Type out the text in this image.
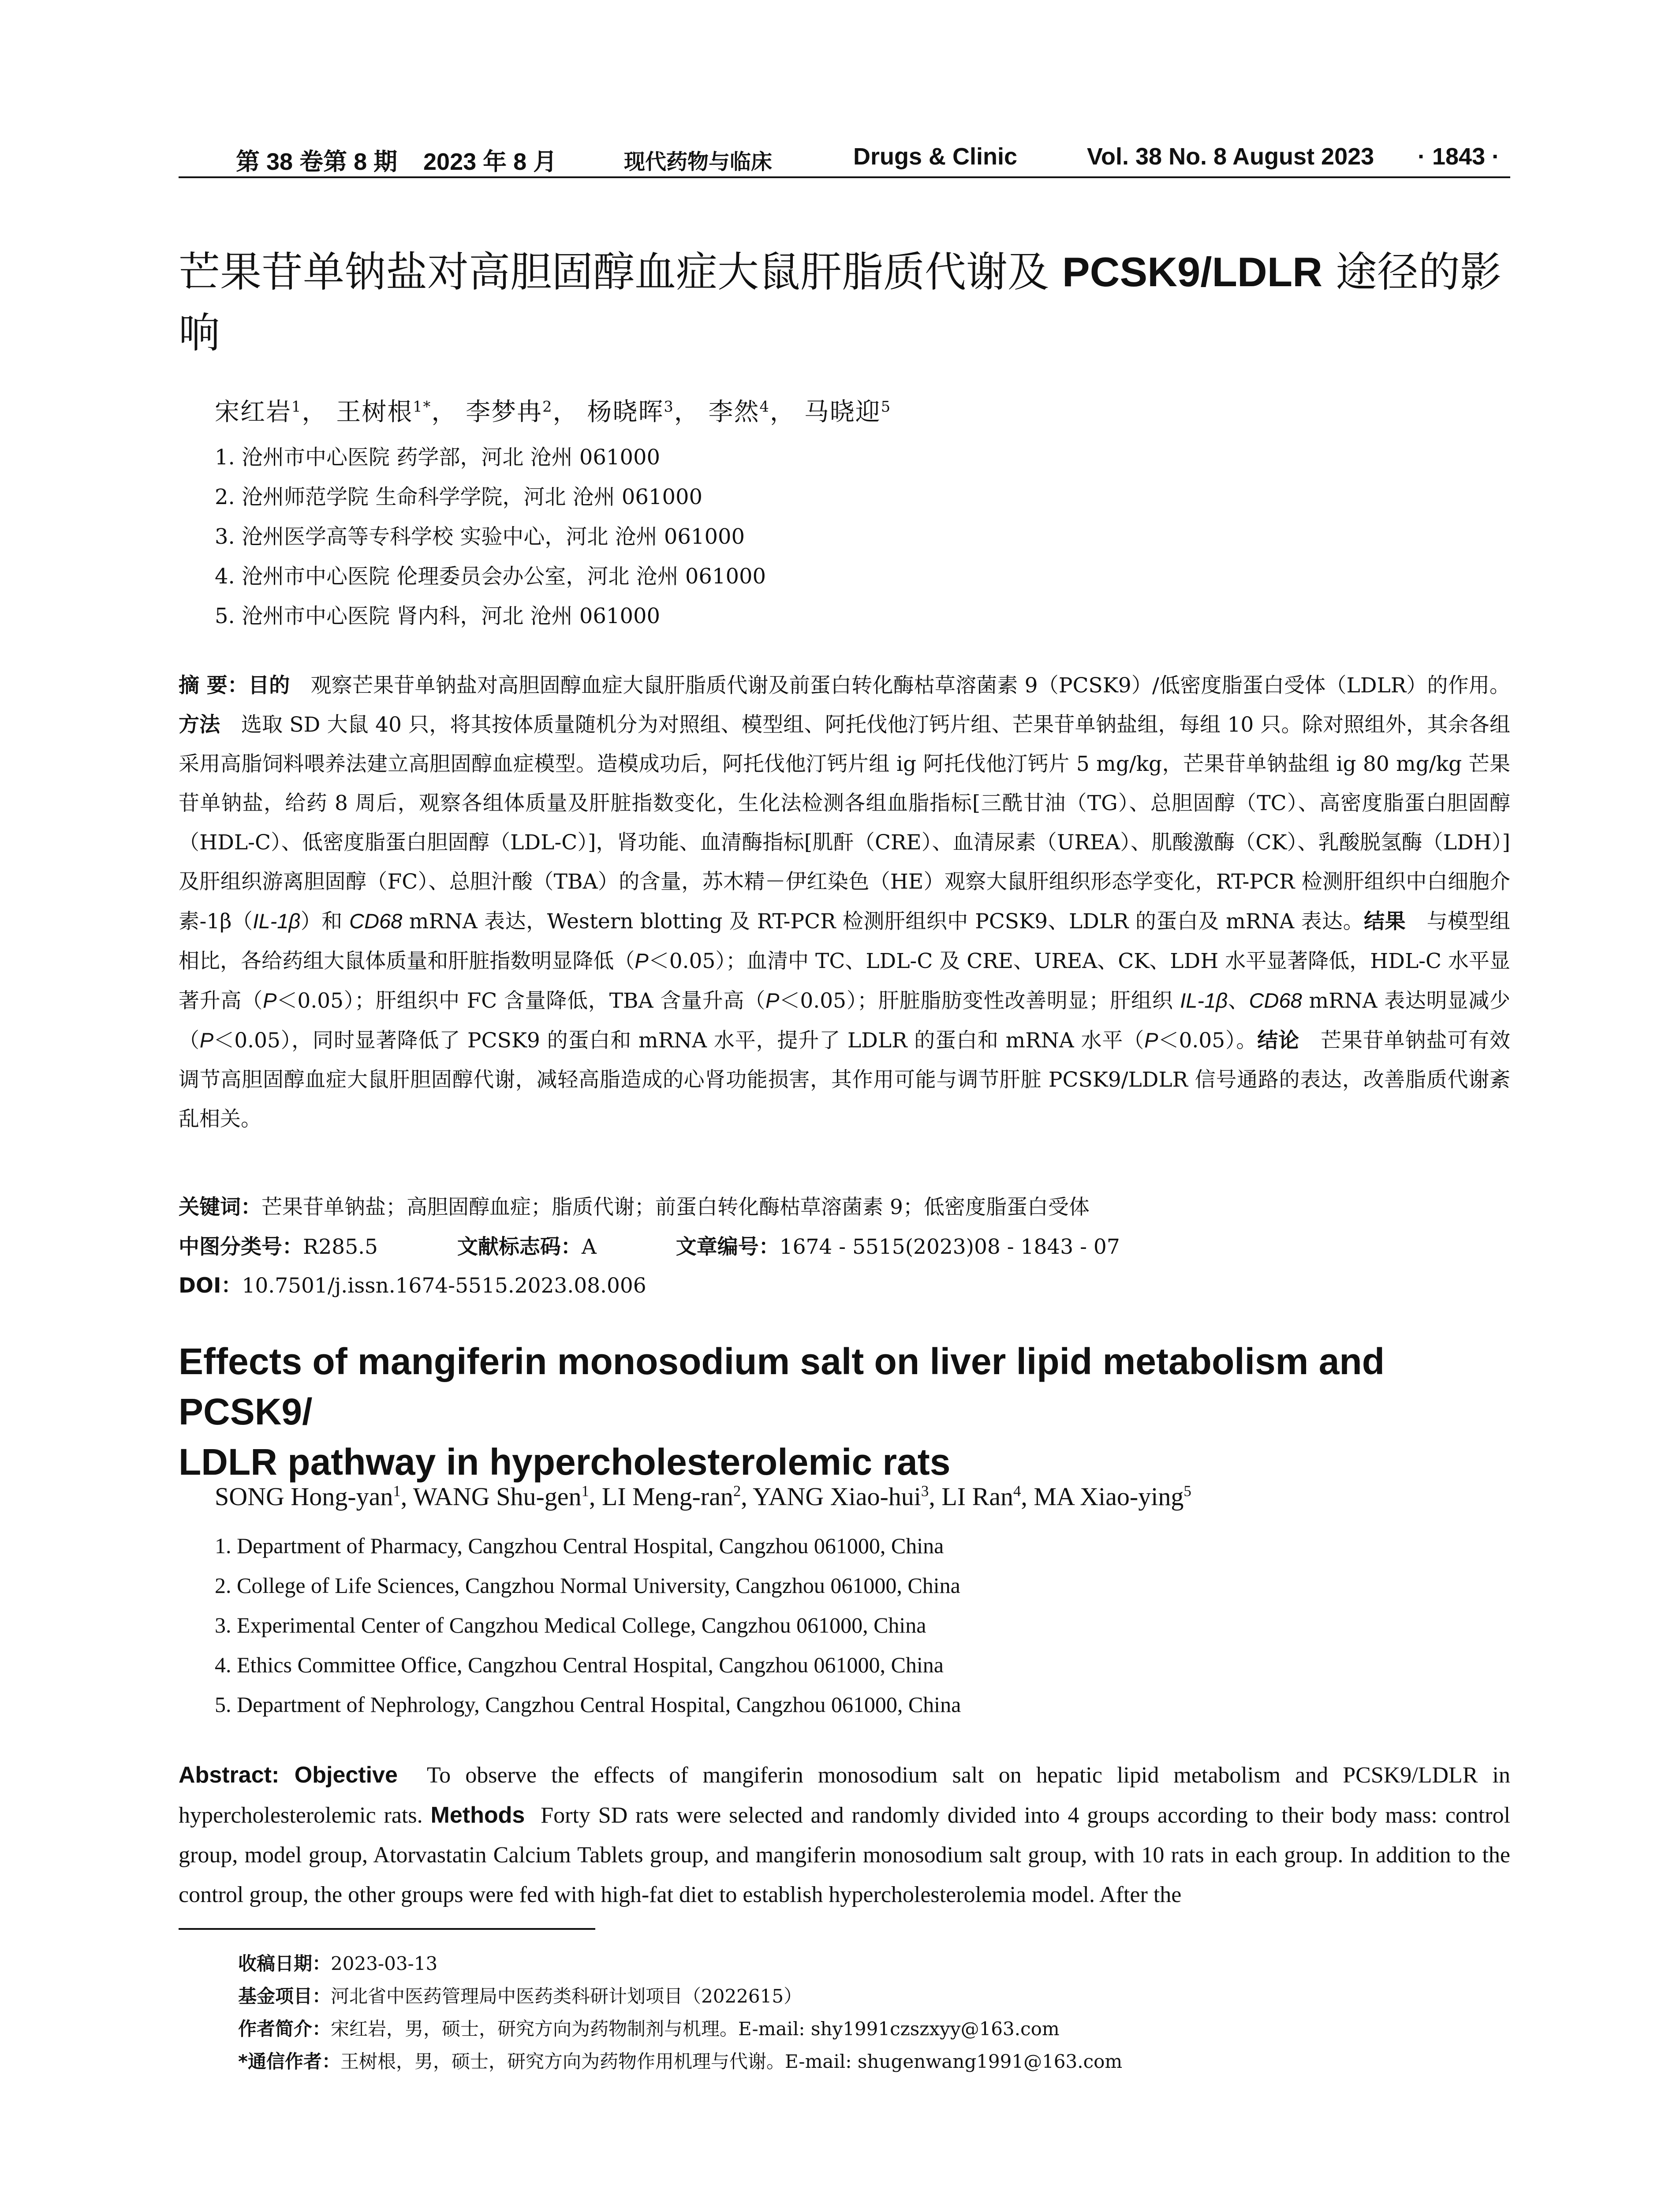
第 38 卷第 8 期 2023 年 8 月	现代药物与临床	Drugs & Clinic	Vol. 38 No. 8 August 2023 · 1843 ·
芒果苷单钠盐对高胆固醇血症大鼠肝脂质代谢及 PCSK9/LDLR 途径的影响
宋红岩$^1$， 王树根$^{1*}$， 李梦冉$^2$， 杨晓晖$^3$， 李然$^4$， 马晓迎$^5$
1. 沧州市中心医院 药学部，河北 沧州 061000
2. 沧州师范学院 生命科学学院，河北 沧州 061000
3. 沧州医学高等专科学校 实验中心，河北 沧州 061000
4. 沧州市中心医院 伦理委员会办公室，河北 沧州 061000
5. 沧州市中心医院 肾内科，河北 沧州 061000
摘 要：目的　 观察芒果苷单钠盐对高胆固醇血症大鼠肝脂质代谢及前蛋白转化酶枯草溶菌素 9（PCSK9）/低密度脂蛋白受体（LDLR）的作用。方法　 选取 SD 大鼠 40 只，将其按体质量随机分为对照组、模型组、阿托伐他汀钙片组、芒果苷单钠盐组，每组 10 只。除对照组外，其余各组采用高脂饲料喂养法建立高胆固醇血症模型。造模成功后，阿托伐他汀钙片组 ig 阿托伐他汀钙片 5 mg/kg，芒果苷单钠盐组 ig 80 mg/kg 芒果苷单钠盐，给药 8 周后，观察各组体质量及肝脏指数变化，生化法检测各组血脂指标[三酰甘油（TG）、总胆固醇（TC）、高密度脂蛋白胆固醇（HDL-C）、低密度脂蛋白胆固醇（LDL-C）]，肾功能、血清酶指标[肌酐（CRE）、血清尿素（UREA）、肌酸激酶（CK）、乳酸脱氢酶（LDH）]及肝组织游离胆固醇（FC）、总胆汁酸（TBA）的含量，苏木精－伊红染色（HE）观察大鼠肝组织形态学变化，RT-PCR 检测肝组织中白细胞介素-1β（IL-1β）和 CD68 mRNA 表达，Western blotting 及 RT-PCR 检测肝组织中 PCSK9、LDLR 的蛋白及 mRNA 表达。结果　 与模型组相比，各给药组大鼠体质量和肝脏指数明显降低（P＜0.05）；血清中 TC、LDL-C 及 CRE、UREA、CK、LDH 水平显著降低，HDL-C 水平显著升高（P＜0.05）；肝组织中 FC 含量降低，TBA 含量升高（P＜0.05）；肝脏脂肪变性改善明显；肝组织 IL-1β、CD68 mRNA 表达明显减少（P＜0.05），同时显著降低了 PCSK9 的蛋白和 mRNA 水平，提升了 LDLR 的蛋白和 mRNA 水平（P＜0.05）。结论　 芒果苷单钠盐可有效调节高胆固醇血症大鼠肝胆固醇代谢，减轻高脂造成的心肾功能损害，其作用可能与调节肝脏 PCSK9/LDLR 信号通路的表达，改善脂质代谢紊乱相关。
关键词：芒果苷单钠盐；高胆固醇血症；脂质代谢；前蛋白转化酶枯草溶菌素 9；低密度脂蛋白受体
中图分类号：R285.5	文献标志码：A	文章编号：1674 - 5515(2023)08 - 1843 - 07
DOI：10.7501/j.issn.1674-5515.2023.08.006
Effects of mangiferin monosodium salt on liver lipid metabolism and PCSK9/
LDLR pathway in hypercholesterolemic rats
SONG Hong-yan$^1$, WANG Shu-gen$^1$, LI Meng-ran$^2$, YANG Xiao-hui$^3$, LI Ran$^4$, MA Xiao-ying$^5$
1. Department of Pharmacy, Cangzhou Central Hospital, Cangzhou 061000, China
2. College of Life Sciences, Cangzhou Normal University, Cangzhou 061000, China
3. Experimental Center of Cangzhou Medical College, Cangzhou 061000, China
4. Ethics Committee Office, Cangzhou Central Hospital, Cangzhou 061000, China
5. Department of Nephrology, Cangzhou Central Hospital, Cangzhou 061000, China
Abstract: Objective To observe the effects of mangiferin monosodium salt on hepatic lipid metabolism and PCSK9/LDLR in hypercholesterolemic rats. Methods Forty SD rats were selected and randomly divided into 4 groups according to their body mass: control group, model group, Atorvastatin Calcium Tablets group, and mangiferin monosodium salt group, with 10 rats in each group. In addition to the control group, the other groups were fed with high-fat diet to establish hypercholesterolemia model. After the
收稿日期：2023-03-13
基金项目：河北省中医药管理局中医药类科研计划项目（2022615）
作者简介：宋红岩，男，硕士，研究方向为药物制剂与机理。E-mail: shy1991czszxyy@163.com
*通信作者：王树根，男，硕士，研究方向为药物作用机理与代谢。E-mail: shugenwang1991@163.com
